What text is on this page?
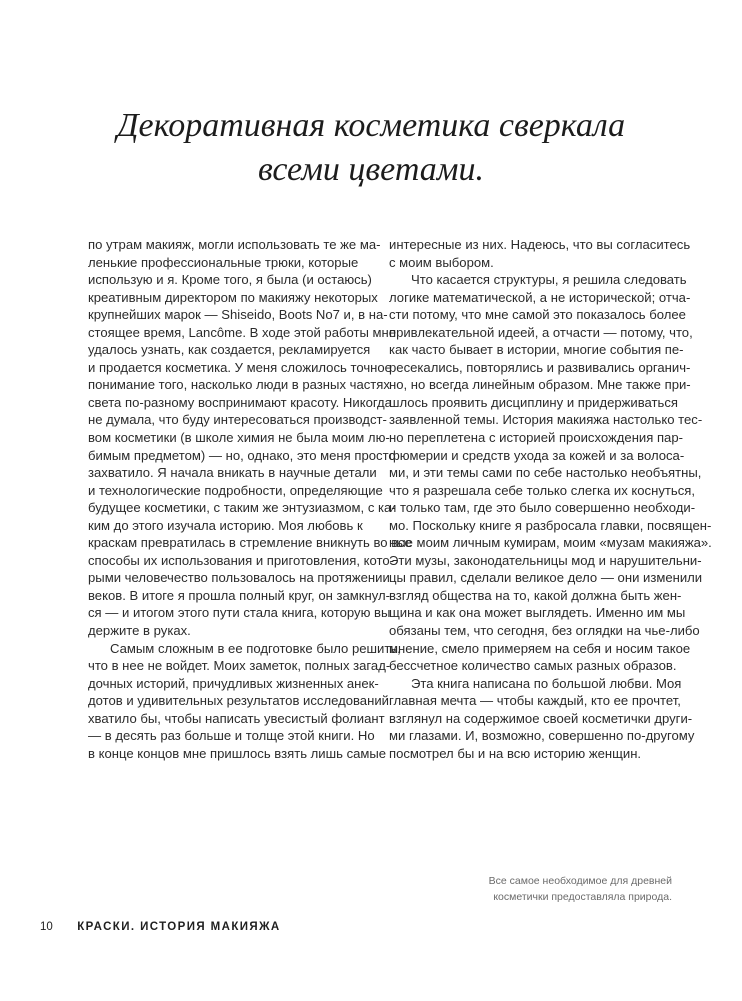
Декоративная косметика сверкала
всеми цветами.
по утрам макияж, могли использовать те же ма-
ленькие профессиональные трюки, которые
использую и я. Кроме того, я была (и остаюсь)
креативным директором по макияжу некоторых
крупнейших марок — Shiseido, Boots No7 и, в на-
стоящее время, Lancôme. В ходе этой работы мне
удалось узнать, как создается, рекламируется
и продается косметика. У меня сложилось точное
понимание того, насколько люди в разных частях
света по-разному воспринимают красоту. Никогда
не думала, что буду интересоваться производст-
вом косметики (в школе химия не была моим лю-
бимым предметом) — но, однако, это меня просто
захватило. Я начала вникать в научные детали
и технологические подробности, определяющие
будущее косметики, с таким же энтузиазмом, с ка-
ким до этого изучала историю. Моя любовь к
краскам превратилась в стремление вникнуть во все
способы их использования и приготовления, кото-
рыми человечество пользовалось на протяжении
веков. В итоге я прошла полный круг, он замкнул-
ся — и итогом этого пути стала книга, которую вы
держите в руках.
Самым сложным в ее подготовке было решить,
что в нее не войдет. Моих заметок, полных загад-
дочных историй, причудливых жизненных анек-
дотов и удивительных результатов исследований
хватило бы, чтобы написать увесистый фолиант
— в десять раз больше и толще этой книги. Но
в конце концов мне пришлось взять лишь самые
интересные из них. Надеюсь, что вы согласитесь
с моим выбором.
Что касается структуры, я решила следовать
логике математической, а не исторической; отча-
сти потому, что мне самой это показалось более
привлекательной идеей, а отчасти — потому, что,
как часто бывает в истории, многие события пе-
ресекались, повторялись и развивались органич-
но, но всегда линейным образом. Мне также при-
шлось проявить дисциплину и придерживаться
заявленной темы. История макияжа настолько тес-
но переплетена с историей происхождения пар-
фюмерии и средств ухода за кожей и за волоса-
ми, и эти темы сами по себе настолько необъятны,
что я разрешала себе только слегка их коснуться,
и только там, где это было совершенно необходи-
мо. Поскольку книге я разбросала главки, посвящен-
ные моим личным кумирам, моим «музам макияжа».
Эти музы, законодательницы мод и нарушительни-
цы правил, сделали великое дело — они изменили
взгляд общества на то, какой должна быть жен-
щина и как она может выглядеть. Именно им мы
обязаны тем, что сегодня, без оглядки на чье-либо
мнение, смело примеряем на себя и носим такое
бессчетное количество самых разных образов.
Эта книга написана по большой любви. Моя
главная мечта — чтобы каждый, кто ее прочтет,
взглянул на содержимое своей косметички други-
ми глазами. И, возможно, совершенно по-другому
посмотрел бы и на всю историю женщин.
Все самое необходимое для древней
косметички предоставляла природа.
10 КРАСКИ. ИСТОРИЯ МАКИЯЖА
